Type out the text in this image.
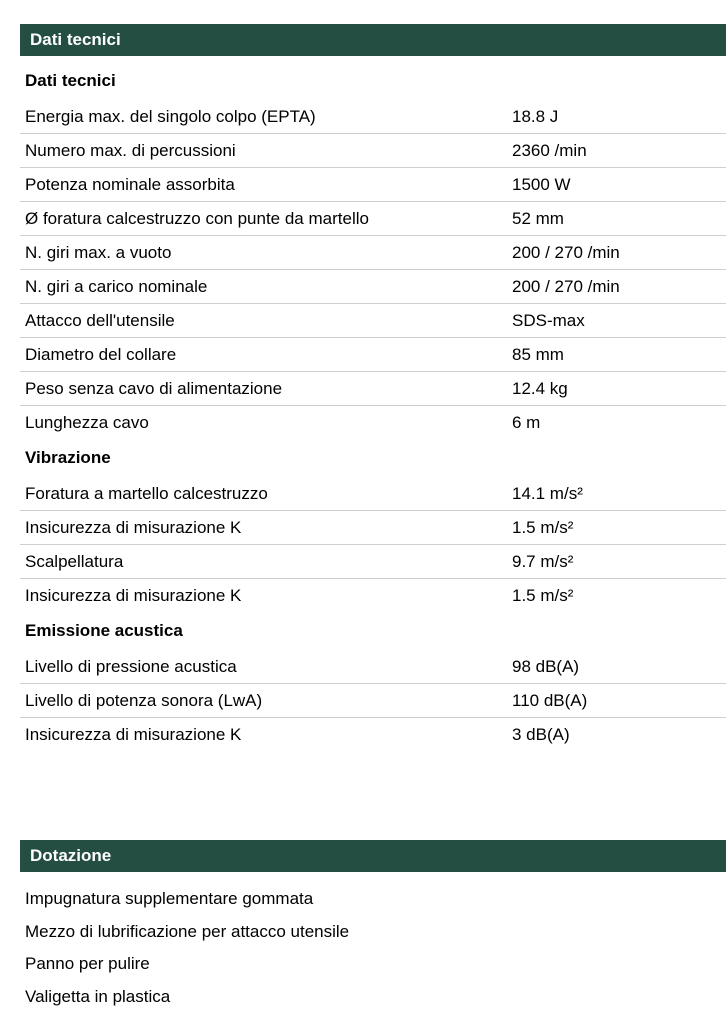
Dati tecnici
Dati tecnici
Energia max. del singolo colpo (EPTA)	18.8 J
Numero max. di percussioni	2360 /min
Potenza nominale assorbita	1500 W
Ø foratura calcestruzzo con punte da martello	52 mm
N. giri max. a vuoto	200 / 270 /min
N. giri a carico nominale	200 / 270 /min
Attacco dell'utensile	SDS-max
Diametro del collare	85 mm
Peso senza cavo di alimentazione	12.4 kg
Lunghezza cavo	6 m
Vibrazione
Foratura a martello calcestruzzo	14.1 m/s²
Insicurezza di misurazione K	1.5 m/s²
Scalpellatura	9.7 m/s²
Insicurezza di misurazione K	1.5 m/s²
Emissione acustica
Livello di pressione acustica	98 dB(A)
Livello di potenza sonora (LwA)	110 dB(A)
Insicurezza di misurazione K	3 dB(A)
Dotazione
Impugnatura supplementare gommata
Mezzo di lubrificazione per attacco utensile
Panno per pulire
Valigetta in plastica
